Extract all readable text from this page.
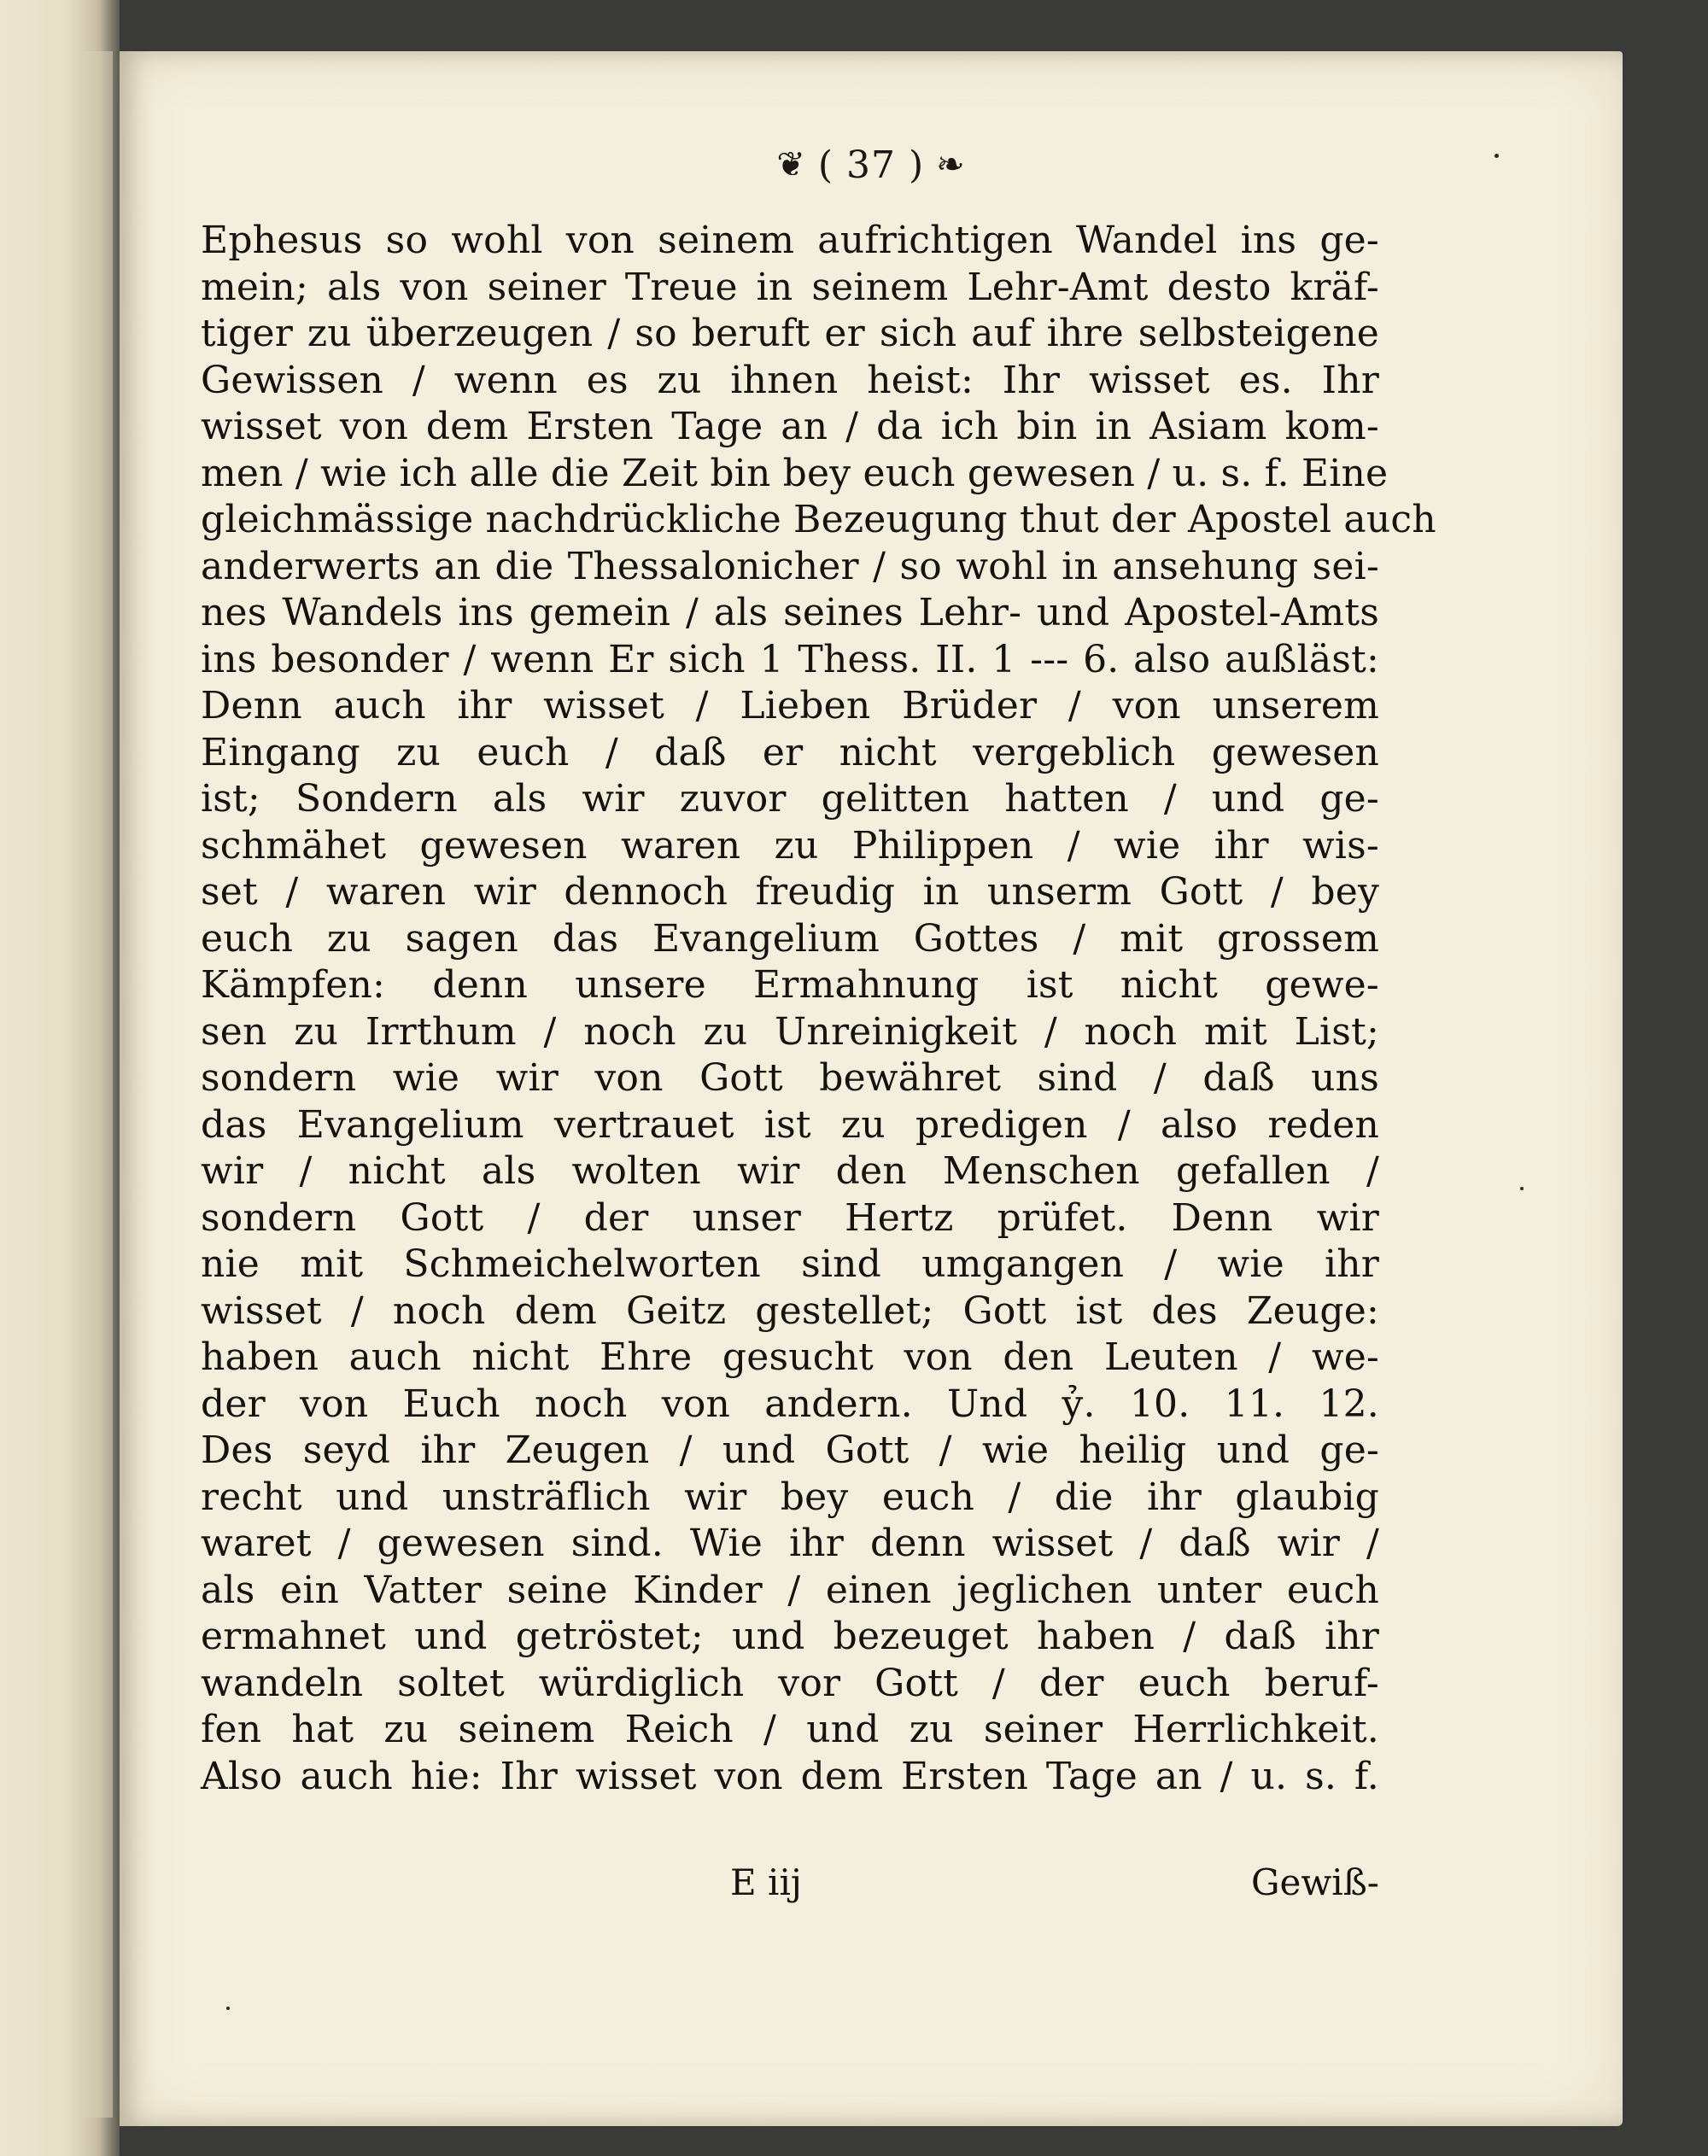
❦ ( 37 ) ❧
Ephesus so wohl von seinem aufrichtigen Wandel ins ge-
mein; als von seiner Treue in seinem Lehr-Amt desto kräf-
tiger zu überzeugen / so beruft er sich auf ihre selbsteigene
Gewissen / wenn es zu ihnen heist: Ihr wisset es. Ihr
wisset von dem Ersten Tage an / da ich bin in Asiam kom-
men / wie ich alle die Zeit bin bey euch gewesen / u. s. f. Eine
gleichmässige nachdrückliche Bezeugung thut der Apostel auch
anderwerts an die Thessalonicher / so wohl in ansehung sei-
nes Wandels ins gemein / als seines Lehr- und Apostel-Amts
ins besonder / wenn Er sich 1 Thess. II. 1 --- 6. also außläst:
Denn auch ihr wisset / Lieben Brüder / von unserem
Eingang zu euch / daß er nicht vergeblich gewesen
ist; Sondern als wir zuvor gelitten hatten / und ge-
schmähet gewesen waren zu Philippen / wie ihr wis-
set / waren wir dennoch freudig in unserm Gott / bey
euch zu sagen das Evangelium Gottes / mit grossem
Kämpfen: denn unsere Ermahnung ist nicht gewe-
sen zu Irrthum / noch zu Unreinigkeit / noch mit List;
sondern wie wir von Gott bewähret sind / daß uns
das Evangelium vertrauet ist zu predigen / also reden
wir / nicht als wolten wir den Menschen gefallen /
sondern Gott / der unser Hertz prüfet. Denn wir
nie mit Schmeichelworten sind umgangen / wie ihr
wisset / noch dem Geitz gestellet; Gott ist des Zeuge:
haben auch nicht Ehre gesucht von den Leuten / we-
der von Euch noch von andern. Und ỷ. 10. 11. 12.
Des seyd ihr Zeugen / und Gott / wie heilig und ge-
recht und unsträflich wir bey euch / die ihr glaubig
waret / gewesen sind. Wie ihr denn wisset / daß wir /
als ein Vatter seine Kinder / einen jeglichen unter euch
ermahnet und getröstet; und bezeuget haben / daß ihr
wandeln soltet würdiglich vor Gott / der euch beruf-
fen hat zu seinem Reich / und zu seiner Herrlichkeit.
Also auch hie: Ihr wisset von dem Ersten Tage an / u. s. f.
E iij	Gewiß-
